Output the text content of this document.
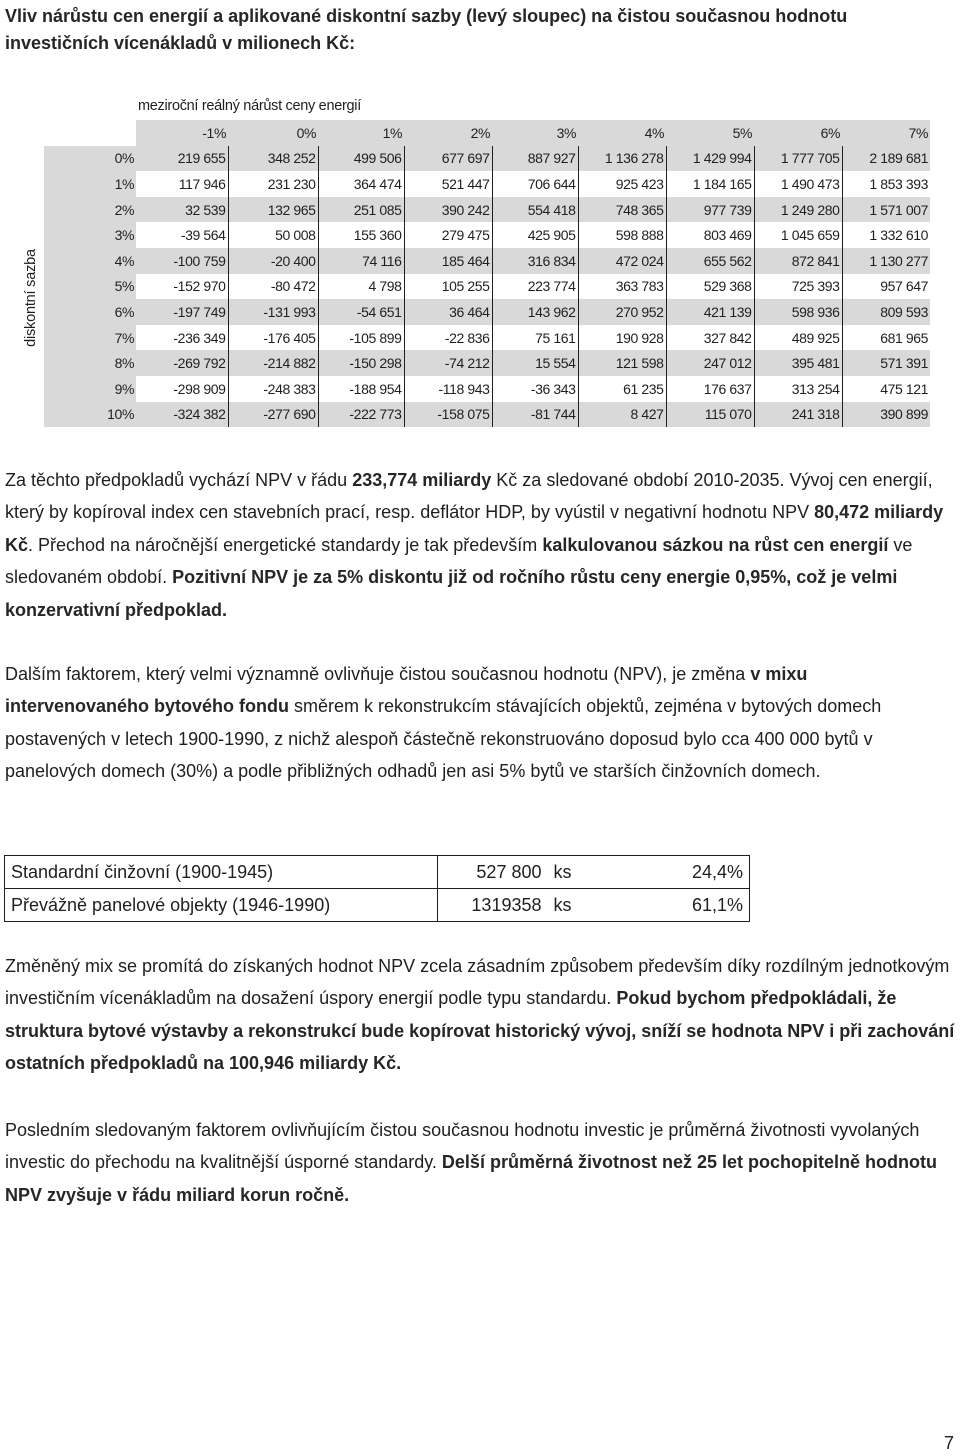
Vliv nárůstu cen energií a aplikované diskontní sazby (levý sloupec) na čistou současnou hodnotu investičních vícenákladů v milionech Kč:
meziroční reálný nárůst ceny energií
diskontní sazba
	-1%	0%	1%	2%	3%	4%	5%	6%	7%
0%	219 655	348 252	499 506	677 697	887 927	1 136 278	1 429 994	1 777 705	2 189 681
1%	117 946	231 230	364 474	521 447	706 644	925 423	1 184 165	1 490 473	1 853 393
2%	32 539	132 965	251 085	390 242	554 418	748 365	977 739	1 249 280	1 571 007
3%	-39 564	50 008	155 360	279 475	425 905	598 888	803 469	1 045 659	1 332 610
4%	-100 759	-20 400	74 116	185 464	316 834	472 024	655 562	872 841	1 130 277
5%	-152 970	-80 472	4 798	105 255	223 774	363 783	529 368	725 393	957 647
6%	-197 749	-131 993	-54 651	36 464	143 962	270 952	421 139	598 936	809 593
7%	-236 349	-176 405	-105 899	-22 836	75 161	190 928	327 842	489 925	681 965
8%	-269 792	-214 882	-150 298	-74 212	15 554	121 598	247 012	395 481	571 391
9%	-298 909	-248 383	-188 954	-118 943	-36 343	61 235	176 637	313 254	475 121
10%	-324 382	-277 690	-222 773	-158 075	-81 744	8 427	115 070	241 318	390 899
Za těchto předpokladů vychází NPV v řádu 233,774 miliardy Kč za sledované období 2010-2035. Vývoj cen energií, který by kopíroval index cen stavebních prací, resp. deflátor HDP, by vyústil v negativní hodnotu NPV 80,472 miliardy Kč. Přechod na náročnější energetické standardy je tak především kalkulovanou sázkou na růst cen energií ve sledovaném období. Pozitivní NPV je za 5% diskontu již od ročního růstu ceny energie 0,95%, což je velmi konzervativní předpoklad.
Dalším faktorem, který velmi významně ovlivňuje čistou současnou hodnotu (NPV), je změna v mixu intervenovaného bytového fondu směrem k rekonstrukcím stávajících objektů, zejména v bytových domech postavených v letech 1900-1990, z nichž alespoň částečně rekonstruováno doposud bylo cca 400 000 bytů v panelových domech (30%) a podle přibližných odhadů jen asi 5% bytů ve starších činžovních domech.
Standardní činžovní (1900-1945)	527 800	ks	24,4%
Převážně panelové objekty (1946-1990)	1319358	ks	61,1%
Změněný mix se promítá do získaných hodnot NPV zcela zásadním způsobem především díky rozdílným jednotkovým investičním vícenákladům na dosažení úspory energií podle typu standardu. Pokud bychom předpokládali, že struktura bytové výstavby a rekonstrukcí bude kopírovat historický vývoj, sníží se hodnota NPV i při zachování ostatních předpokladů na 100,946 miliardy Kč.
Posledním sledovaným faktorem ovlivňujícím čistou současnou hodnotu investic je průměrná životnosti vyvolaných investic do přechodu na kvalitnější úsporné standardy. Delší průměrná životnost než 25 let pochopitelně hodnotu NPV zvyšuje v řádu miliard korun ročně.
7
